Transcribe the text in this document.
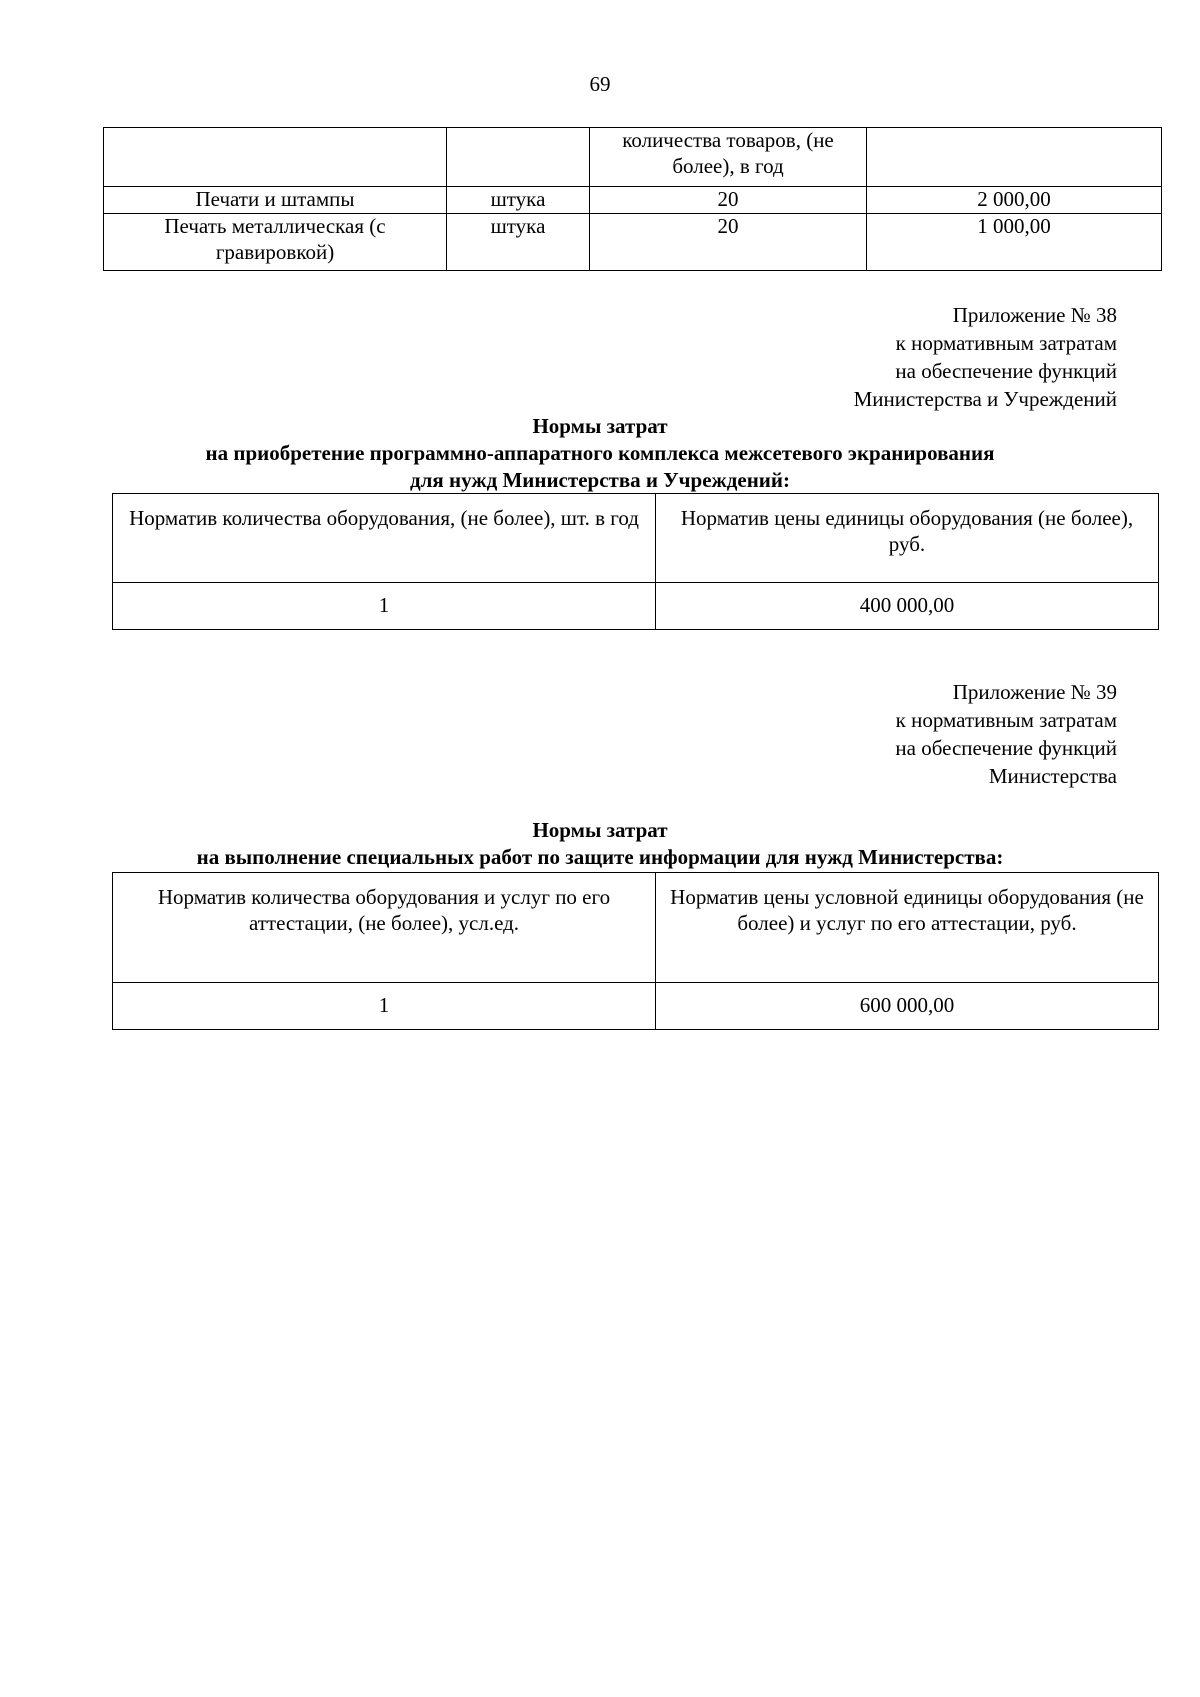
69
		количества товаров, (не более), в год	
Печати и штампы	штука	20	2 000,00
Печать металлическая (с гравировкой)	штука	20	1 000,00
Приложение № 38
к нормативным затратам
на обеспечение функций
Министерства и Учреждений
Нормы затрат
на приобретение программно-аппаратного комплекса межсетевого экранирования
для нужд Министерства и Учреждений:
Норматив количества оборудования, (не более), шт. в год	Норматив цены единицы оборудования (не более), руб.
1	400 000,00
Приложение № 39
к нормативным затратам
на обеспечение функций
Министерства
Нормы затрат
на выполнение специальных работ по защите информации для нужд Министерства:
Норматив количества оборудования и услуг по его аттестации, (не более), усл.ед.	Норматив цены условной единицы оборудования (не более) и услуг по его аттестации, руб.
1	600 000,00
